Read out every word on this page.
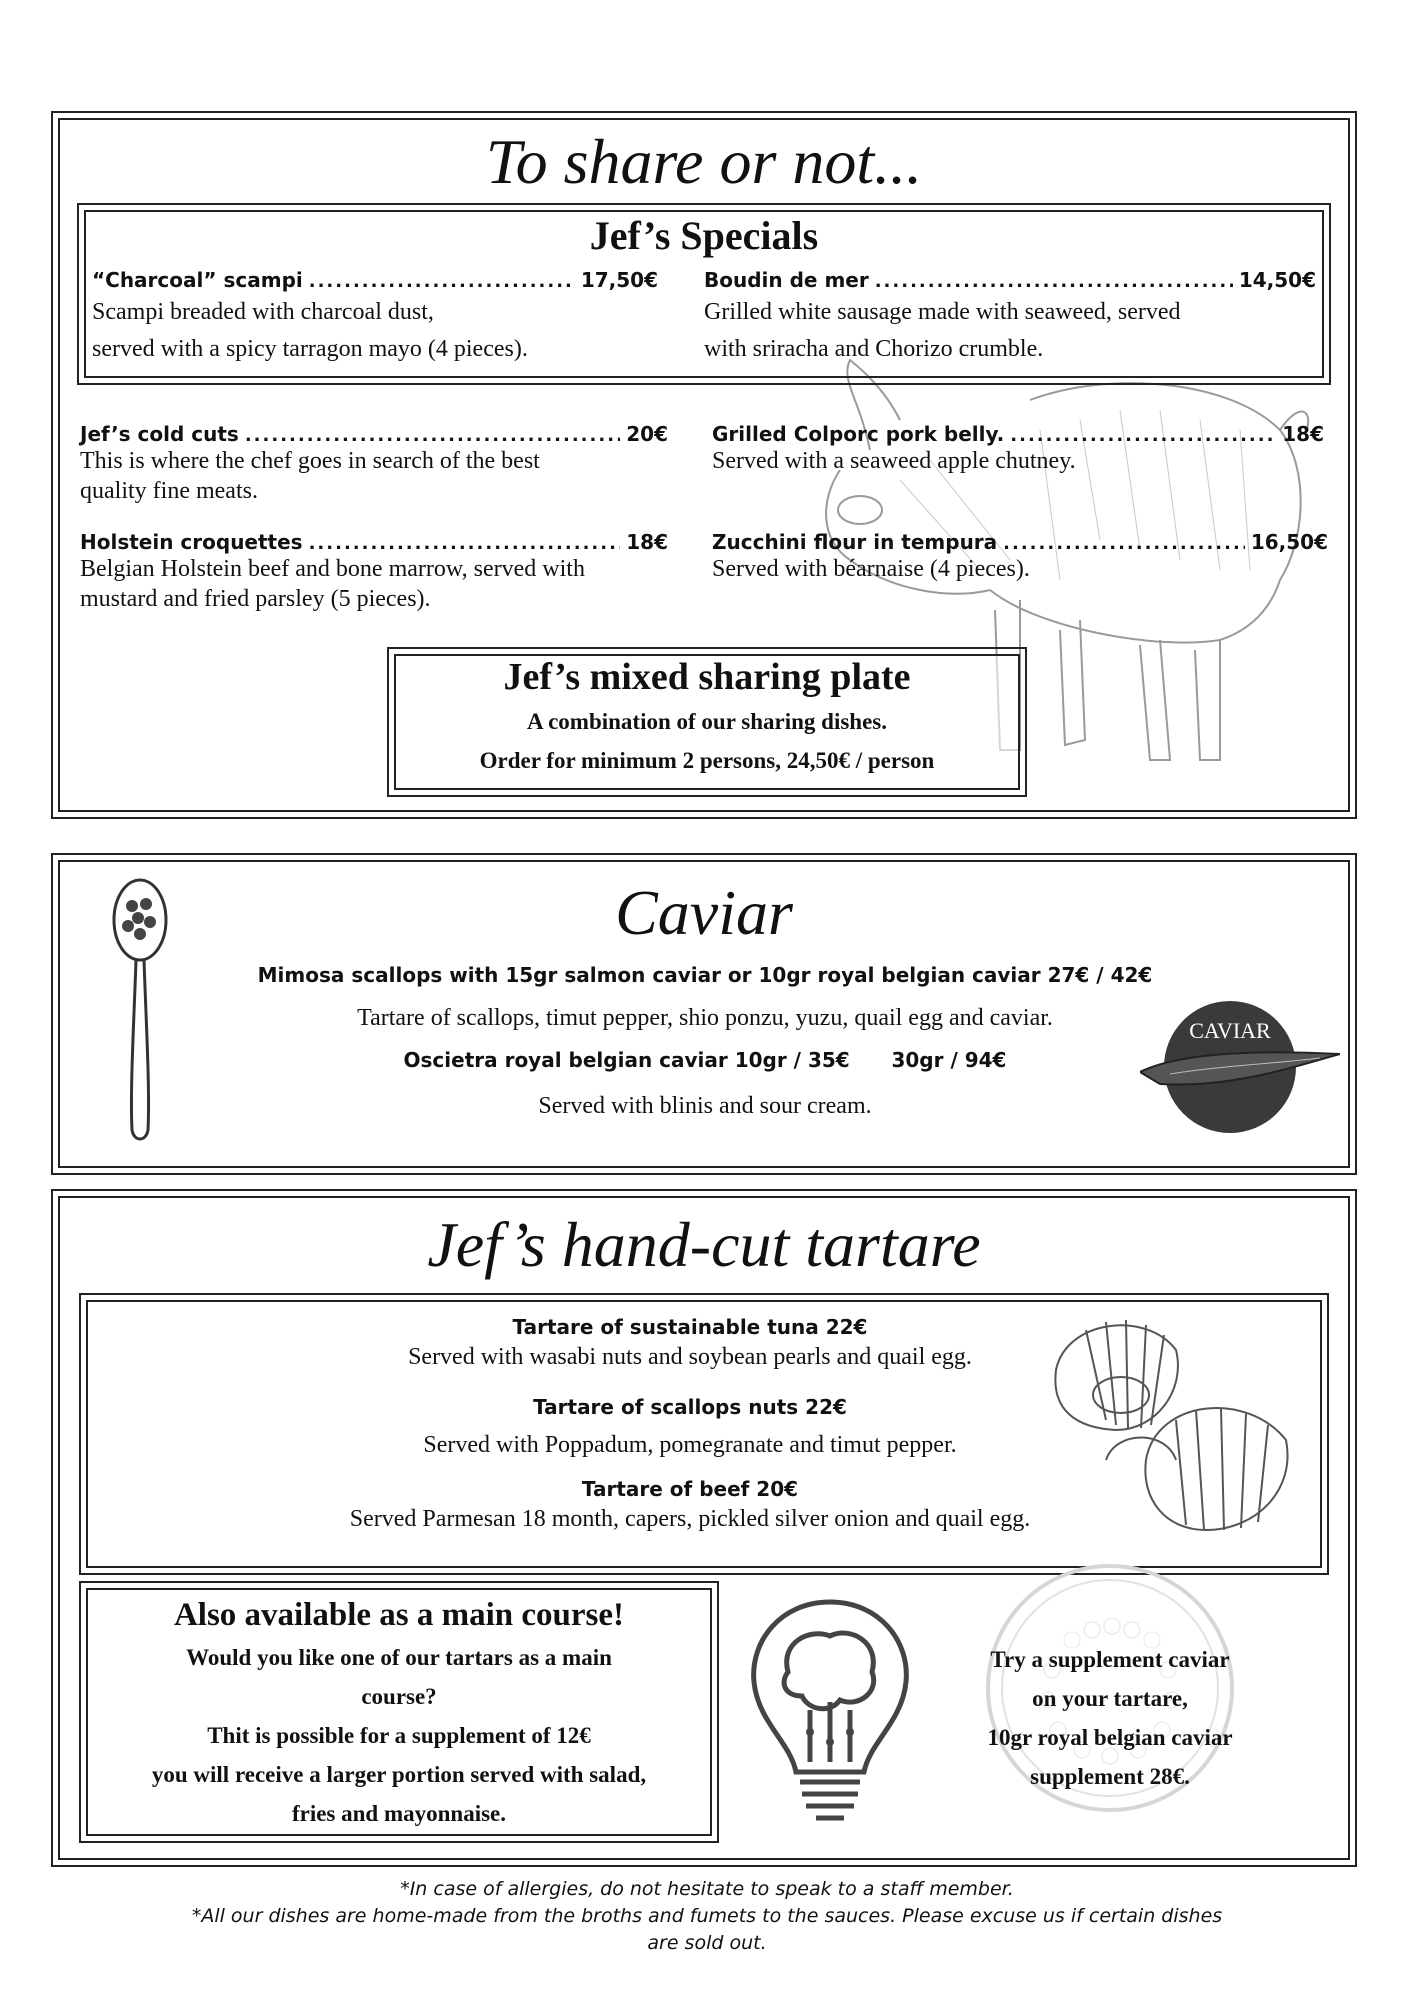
To share or not...
Jef’s Specials
“Charcoal” scampi .....	17,50€
Scampi breaded with charcoal dust,
served with a spicy tarragon mayo (4 pieces).
Boudin de mer .....	14,50€
Grilled white sausage made with seaweed, served
with sriracha and Chorizo crumble.
Jef’s cold cuts .....	20€
This is where the chef goes in search of the best
quality fine meats.
Grilled Colporc pork belly. .....	18€
Served with a seaweed apple chutney.
Holstein croquettes .....	18€
Belgian Holstein beef and bone marrow, served with
mustard and fried parsley (5 pieces).
Zucchini flour in tempura .....	16,50€
Served with béarnaise (4 pieces).
Jef’s mixed sharing plate
A combination of our sharing dishes.
Order for minimum 2 persons, 24,50€ / person
CAVIAR
Caviar
Mimosa scallops with 15gr salmon caviar or 10gr royal belgian caviar 27€ / 42€
Tartare of scallops, timut pepper, shio ponzu, yuzu, quail egg and caviar.
Oscietra royal belgian caviar 10gr / 35€      30gr / 94€
Served with blinis and sour cream.
Jef’s hand-cut tartare
Tartare of sustainable tuna 22€
Served with wasabi nuts and soybean pearls and quail egg.
Tartare of scallops nuts 22€
Served with Poppadum, pomegranate and timut pepper.
Tartare of beef 20€
Served Parmesan 18 month, capers, pickled silver onion and quail egg.
Also available as a main course!
Would you like one of our tartars as a main
course?
Thit is possible for a supplement of 12€
you will receive a larger portion served with salad,
fries and mayonnaise.
Try a supplement caviar
on your tartare,
10gr royal belgian caviar
supplement 28€.
*In case of allergies, do not hesitate to speak to a staff member.
*All our dishes are home-made from the broths and fumets to the sauces. Please excuse us if certain dishes
are sold out.
